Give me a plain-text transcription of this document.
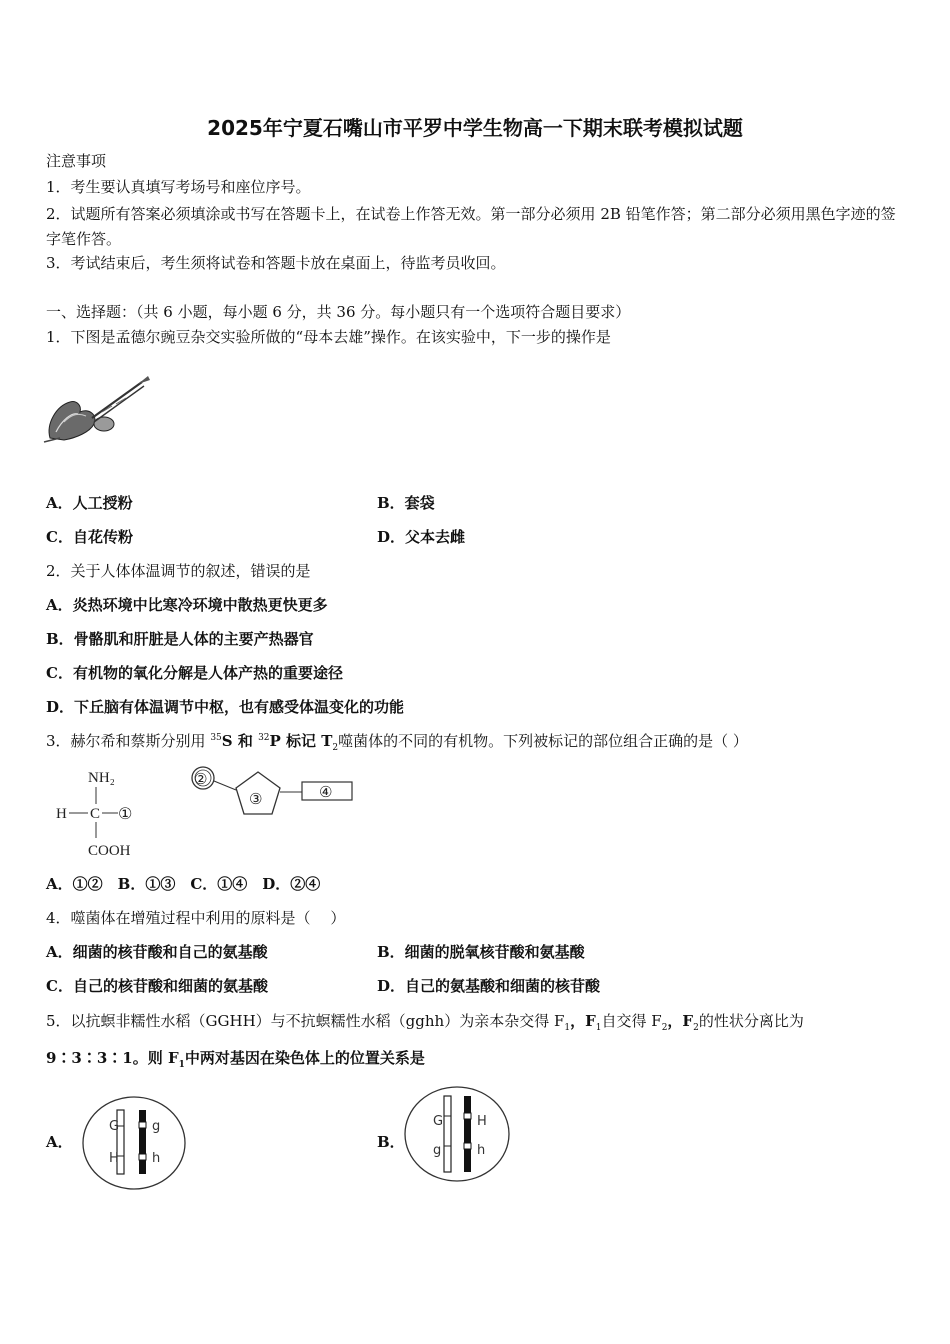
2025年宁夏石嘴山市平罗中学生物高一下期末联考模拟试题
注意事项
1．考生要认真填写考场号和座位序号。
2．试题所有答案必须填涂或书写在答题卡上，在试卷上作答无效。第一部分必须用 2B 铅笔作答；第二部分必须用黑色字迹的签字笔作答。
3．考试结束后，考生须将试卷和答题卡放在桌面上，待监考员收回。
一、选择题：（共 6 小题，每小题 6 分，共 36 分。每小题只有一个选项符合题目要求）
1．下图是孟德尔豌豆杂交实验所做的“母本去雄”操作。在该实验中，下一步的操作是
A．人工授粉	B．套袋
C．自花传粉	D．父本去雌
2．关于人体体温调节的叙述，错误的是
A．炎热环境中比寒冷环境中散热更快更多
B．骨骼肌和肝脏是人体的主要产热器官
C．有机物的氧化分解是人体产热的重要途径
D．下丘脑有体温调节中枢，也有感受体温变化的功能
3．赫尔希和蔡斯分别用 $^{35}$S 和 $^{32}$P 标记 $T_2$噬菌体的不同的有机物。下列被标记的部位组合正确的是（ ）
NH₂
H C ①
COOH
②
③	④
A．①②　B．①③　C．①④　D．②④
4．噬菌体在增殖过程中利用的原料是（　 ）
A．细菌的核苷酸和自己的氨基酸	B．细菌的脱氧核苷酸和氨基酸
C．自己的核苷酸和细菌的氨基酸	D．自己的氨基酸和细菌的核苷酸
5．以抗螟非糯性水稻（GGHH）与不抗螟糯性水稻（gghh）为亲本杂交得 $F_1$，$F_1$自交得 $F_2$，$F_2$的性状分离比为
9∶3∶3∶1。则 $F_1$中两对基因在染色体上的位置关系是
A．
G	g
H	h
B．
G
g
H
h
